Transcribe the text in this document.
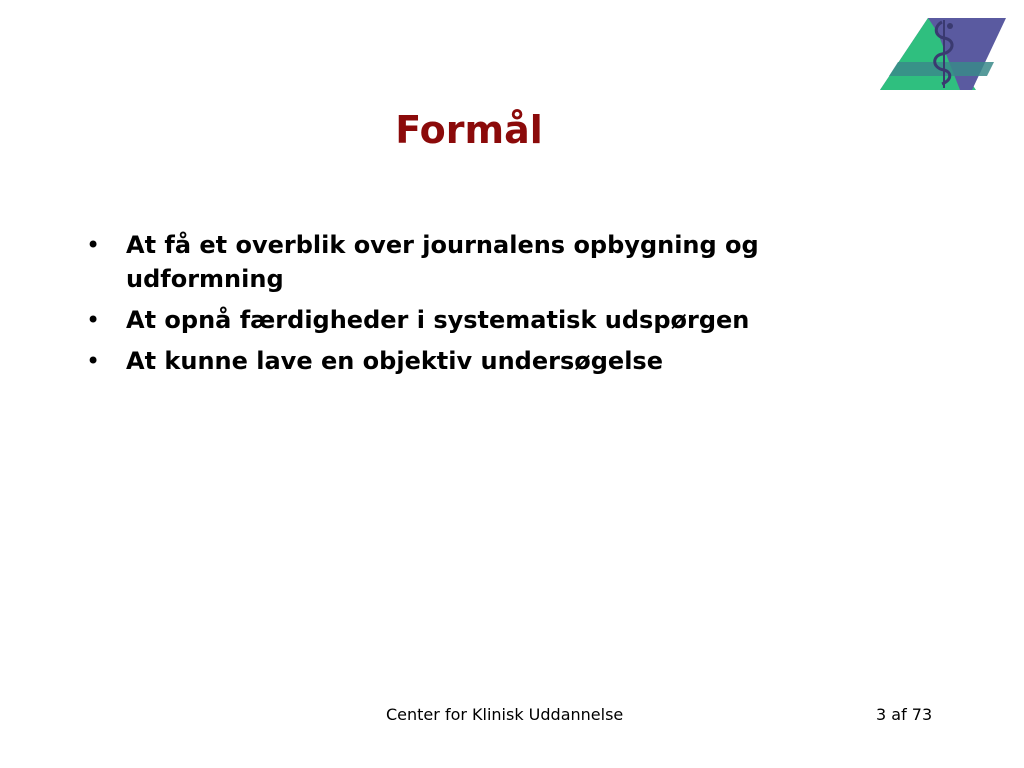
Formål
• At få et overblik over journalens opbygning og udformning
• At opnå færdigheder i systematisk udspørgen
• At kunne lave en objektiv undersøgelse
Center for Klinisk Uddannelse	3 af 73
